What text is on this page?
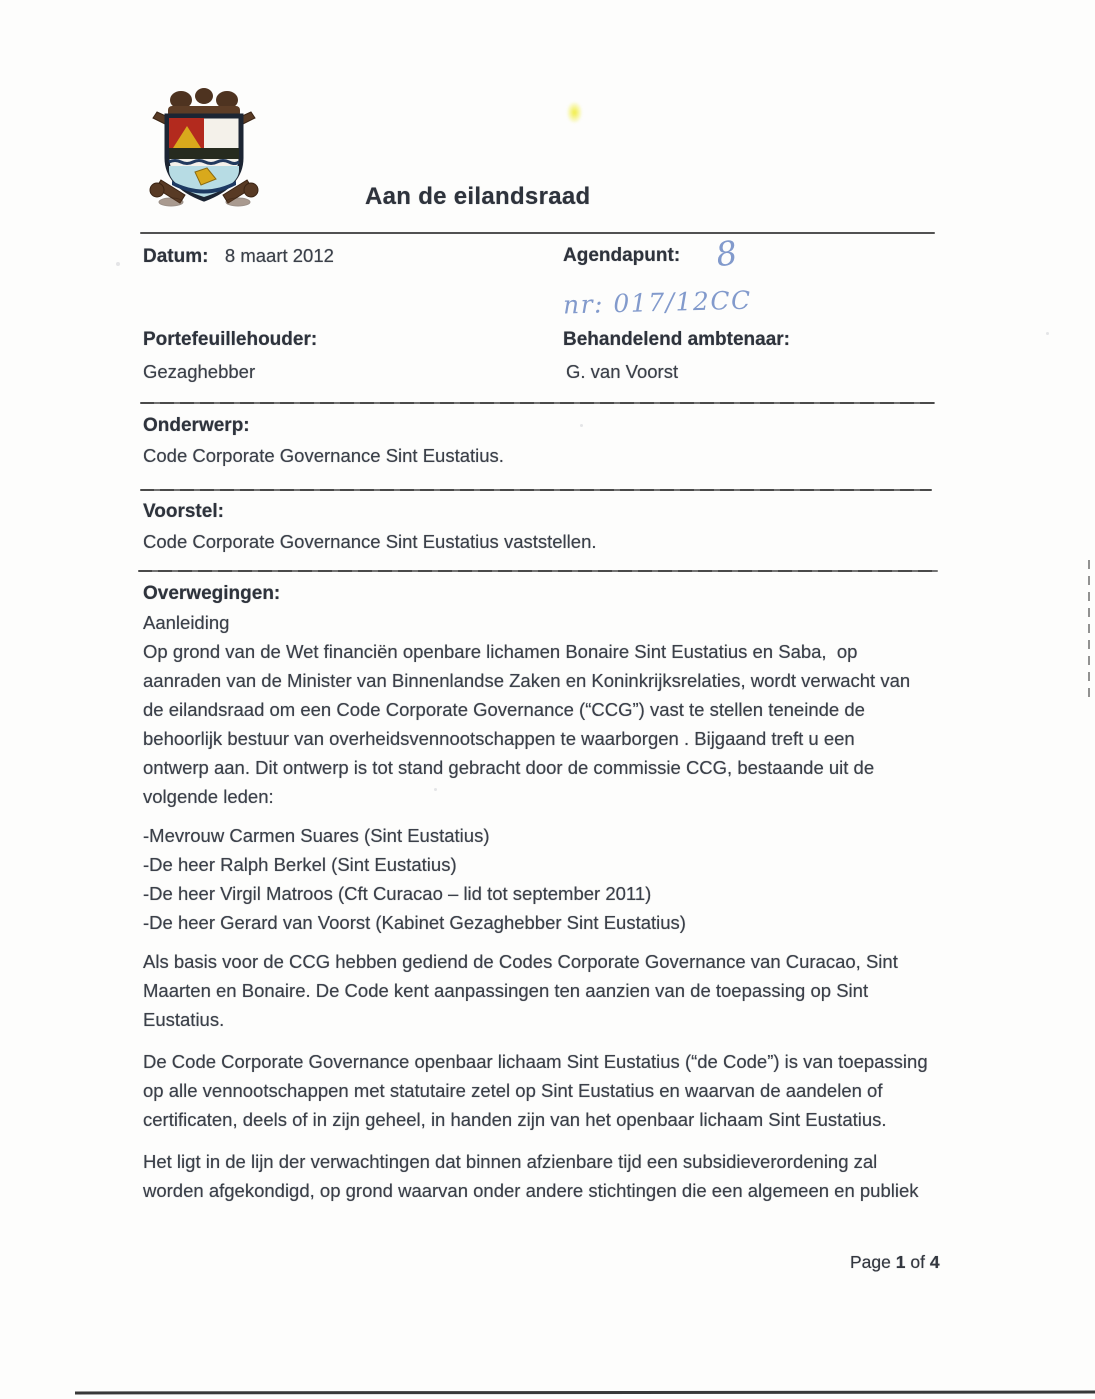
Aan de eilandsraad
Datum: 8 maart 2012	Agendapunt: 8
nr: 017/12CC
Portefeuillehouder:	Behandelend ambtenaar:
Gezaghebber	G. van Voorst
Onderwerp:
Code Corporate Governance Sint Eustatius.
Voorstel:
Code Corporate Governance Sint Eustatius vaststellen.
Overwegingen:
Aanleiding
Op grond van de Wet financiën openbare lichamen Bonaire Sint Eustatius en Saba,  op
aanraden van de Minister van Binnenlandse Zaken en Koninkrijksrelaties, wordt verwacht van
de eilandsraad om een Code Corporate Governance (“CCG”) vast te stellen teneinde de
behoorlijk bestuur van overheidsvennootschappen te waarborgen . Bijgaand treft u een
ontwerp aan. Dit ontwerp is tot stand gebracht door de commissie CCG, bestaande uit de
volgende leden:
-Mevrouw Carmen Suares (Sint Eustatius)
-De heer Ralph Berkel (Sint Eustatius)
-De heer Virgil Matroos (Cft Curacao – lid tot september 2011)
-De heer Gerard van Voorst (Kabinet Gezaghebber Sint Eustatius)
Als basis voor de CCG hebben gediend de Codes Corporate Governance van Curacao, Sint
Maarten en Bonaire. De Code kent aanpassingen ten aanzien van de toepassing op Sint
Eustatius.
De Code Corporate Governance openbaar lichaam Sint Eustatius (“de Code”) is van toepassing
op alle vennootschappen met statutaire zetel op Sint Eustatius en waarvan de aandelen of
certificaten, deels of in zijn geheel, in handen zijn van het openbaar lichaam Sint Eustatius.
Het ligt in de lijn der verwachtingen dat binnen afzienbare tijd een subsidieverordening zal
worden afgekondigd, op grond waarvan onder andere stichtingen die een algemeen en publiek
Page 1 of 4
